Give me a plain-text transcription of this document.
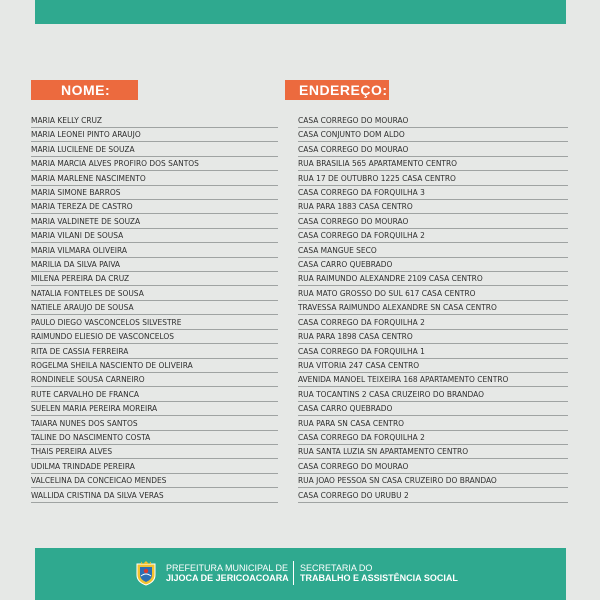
NOME:	ENDEREÇO:
MARIA KELLY CRUZ	CASA CORREGO DO MOURAO
MARIA LEONEI PINTO ARAUJO	CASA CONJUNTO DOM ALDO
MARIA LUCILENE DE SOUZA	CASA CORREGO DO MOURAO
MARIA MARCIA ALVES PROFIRO DOS SANTOS	RUA BRASILIA 565 APARTAMENTO CENTRO
MARIA MARLENE NASCIMENTO	RUA 17 DE OUTUBRO 1225 CASA CENTRO
MARIA SIMONE BARROS	CASA CORREGO DA FORQUILHA 3
MARIA TEREZA DE CASTRO	RUA PARA 1883 CASA CENTRO
MARIA VALDINETE DE SOUZA	CASA CORREGO DO MOURAO
MARIA VILANI DE SOUSA	CASA CORREGO DA FORQUILHA 2
MARIA VILMARA OLIVEIRA	CASA MANGUE SECO
MARILIA DA SILVA PAIVA	CASA CARRO QUEBRADO
MILENA PEREIRA DA CRUZ	RUA RAIMUNDO ALEXANDRE 2109 CASA CENTRO
NATALIA FONTELES DE SOUSA	RUA MATO GROSSO DO SUL 617 CASA CENTRO
NATIELE ARAUJO DE SOUSA	TRAVESSA RAIMUNDO ALEXANDRE SN CASA CENTRO
PAULO DIEGO VASCONCELOS SILVESTRE	CASA CORREGO DA FORQUILHA 2
RAIMUNDO ELIESIO DE VASCONCELOS	RUA PARA 1898 CASA CENTRO
RITA DE CASSIA FERREIRA	CASA CORREGO DA FORQUILHA 1
ROGELMA SHEILA NASCIENTO DE OLIVEIRA	RUA VITORIA 247 CASA CENTRO
RONDINELE SOUSA CARNEIRO	AVENIDA MANOEL TEIXEIRA 168 APARTAMENTO CENTRO
RUTE CARVALHO DE FRANCA	RUA TOCANTINS 2 CASA CRUZEIRO DO BRANDAO
SUELEN MARIA PEREIRA MOREIRA	CASA CARRO QUEBRADO
TAIARA NUNES DOS SANTOS	RUA PARA SN CASA CENTRO
TALINE DO NASCIMENTO COSTA	CASA CORREGO DA FORQUILHA 2
THAIS PEREIRA ALVES	RUA SANTA LUZIA SN APARTAMENTO CENTRO
UDILMA TRINDADE PEREIRA	CASA CORREGO DO MOURAO
VALCELINA DA CONCEICAO MENDES	RUA JOAO PESSOA SN CASA CRUZEIRO DO BRANDAO
WALLIDA CRISTINA DA SILVA VERAS	CASA CORREGO DO URUBU 2
PREFEITURA MUNICIPAL DE
JIJOCA DE JERICOACOARA
SECRETARIA DO
TRABALHO E ASSISTÊNCIA SOCIAL
